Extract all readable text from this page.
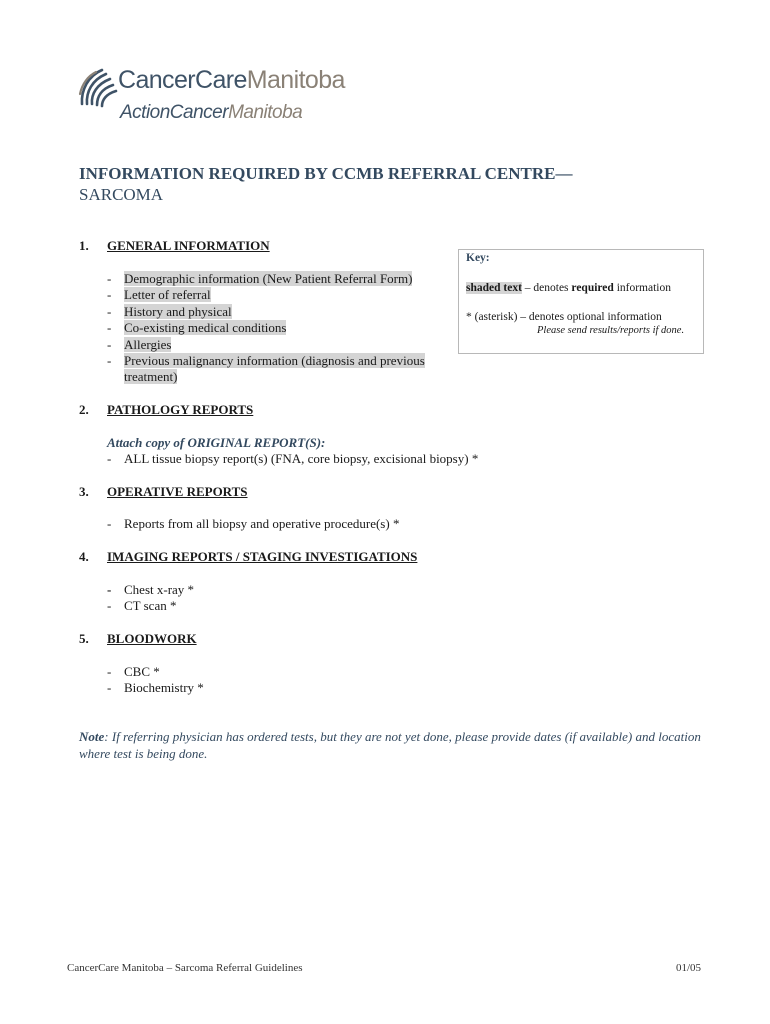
CancerCareManitoba
ActionCancerManitoba
INFORMATION REQUIRED BY CCMB REFERRAL CENTRE—
SARCOMA
1. GENERAL INFORMATION
- Demographic information (New Patient Referral Form)
- Letter of referral
- History and physical
- Co-existing medical conditions
- Allergies
- Previous malignancy information (diagnosis and previous
treatment)
Key:
shaded text – denotes required information
* (asterisk) – denotes optional information
Please send results/reports if done.
2. PATHOLOGY REPORTS
Attach copy of ORIGINAL REPORT(S):
- ALL tissue biopsy report(s) (FNA, core biopsy, excisional biopsy) *
3. OPERATIVE REPORTS
- Reports from all biopsy and operative procedure(s) *
4. IMAGING REPORTS / STAGING INVESTIGATIONS
- Chest x-ray *
- CT scan *
5. BLOODWORK
- CBC *
- Biochemistry *
Note: If referring physician has ordered tests, but they are not yet done, please provide dates (if available) and location where test is being done.
CancerCare Manitoba – Sarcoma Referral Guidelines	01/05
